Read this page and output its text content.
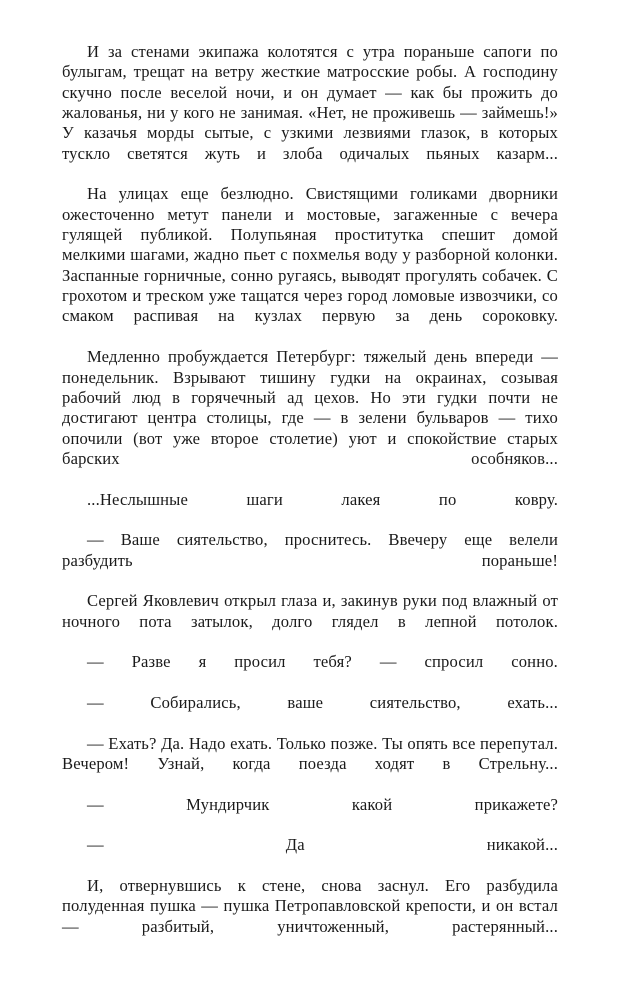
И за стенами экипажа колотятся с утра пораньше сапоги по булыгам, трещат на ветру жесткие матросские робы. А господину скучно после веселой ночи, и он думает — как бы прожить до жалованья, ни у кого не занимая. «Нет, не проживешь — займешь!» У казачья морды сытые, с узкими лезвиями глазок, в которых тускло светятся жуть и злоба одичалых пьяных казарм...

На улицах еще безлюдно. Свистящими голиками дворники ожесточенно метут панели и мостовые, загаженные с вечера гулящей публикой. Полупьяная проститутка спешит домой мелкими шагами, жадно пьет с похмелья воду у разборной колонки. Заспанные горничные, сонно ругаясь, выводят прогулять собачек. С грохотом и треском уже тащатся через город ломовые извозчики, со смаком распивая на кузлах первую за день сороковку.

Медленно пробуждается Петербург: тяжелый день впереди — понедельник. Взрывают тишину гудки на окраинах, созывая рабочий люд в горячечный ад цехов. Но эти гудки почти не достигают центра столицы, где — в зелени бульваров — тихо опочили (вот уже второе столетие) уют и спокойствие старых барских особняков...

...Неслышные шаги лакея по ковру.

— Ваше сиятельство, проснитесь. Ввечеру еще велели разбудить пораньше!

Сергей Яковлевич открыл глаза и, закинув руки под влажный от ночного пота затылок, долго глядел в лепной потолок.

— Разве я просил тебя? — спросил сонно.

— Собирались, ваше сиятельство, ехать...

— Ехать? Да. Надо ехать. Только позже. Ты опять все перепутал. Вечером! Узнай, когда поезда ходят в Стрельну...

— Мундирчик какой прикажете?

— Да никакой...

И, отвернувшись к стене, снова заснул. Его разбудила полуденная пушка — пушка Петропавловской крепости, и он встал — разбитый, уничтоженный, растерянный...
